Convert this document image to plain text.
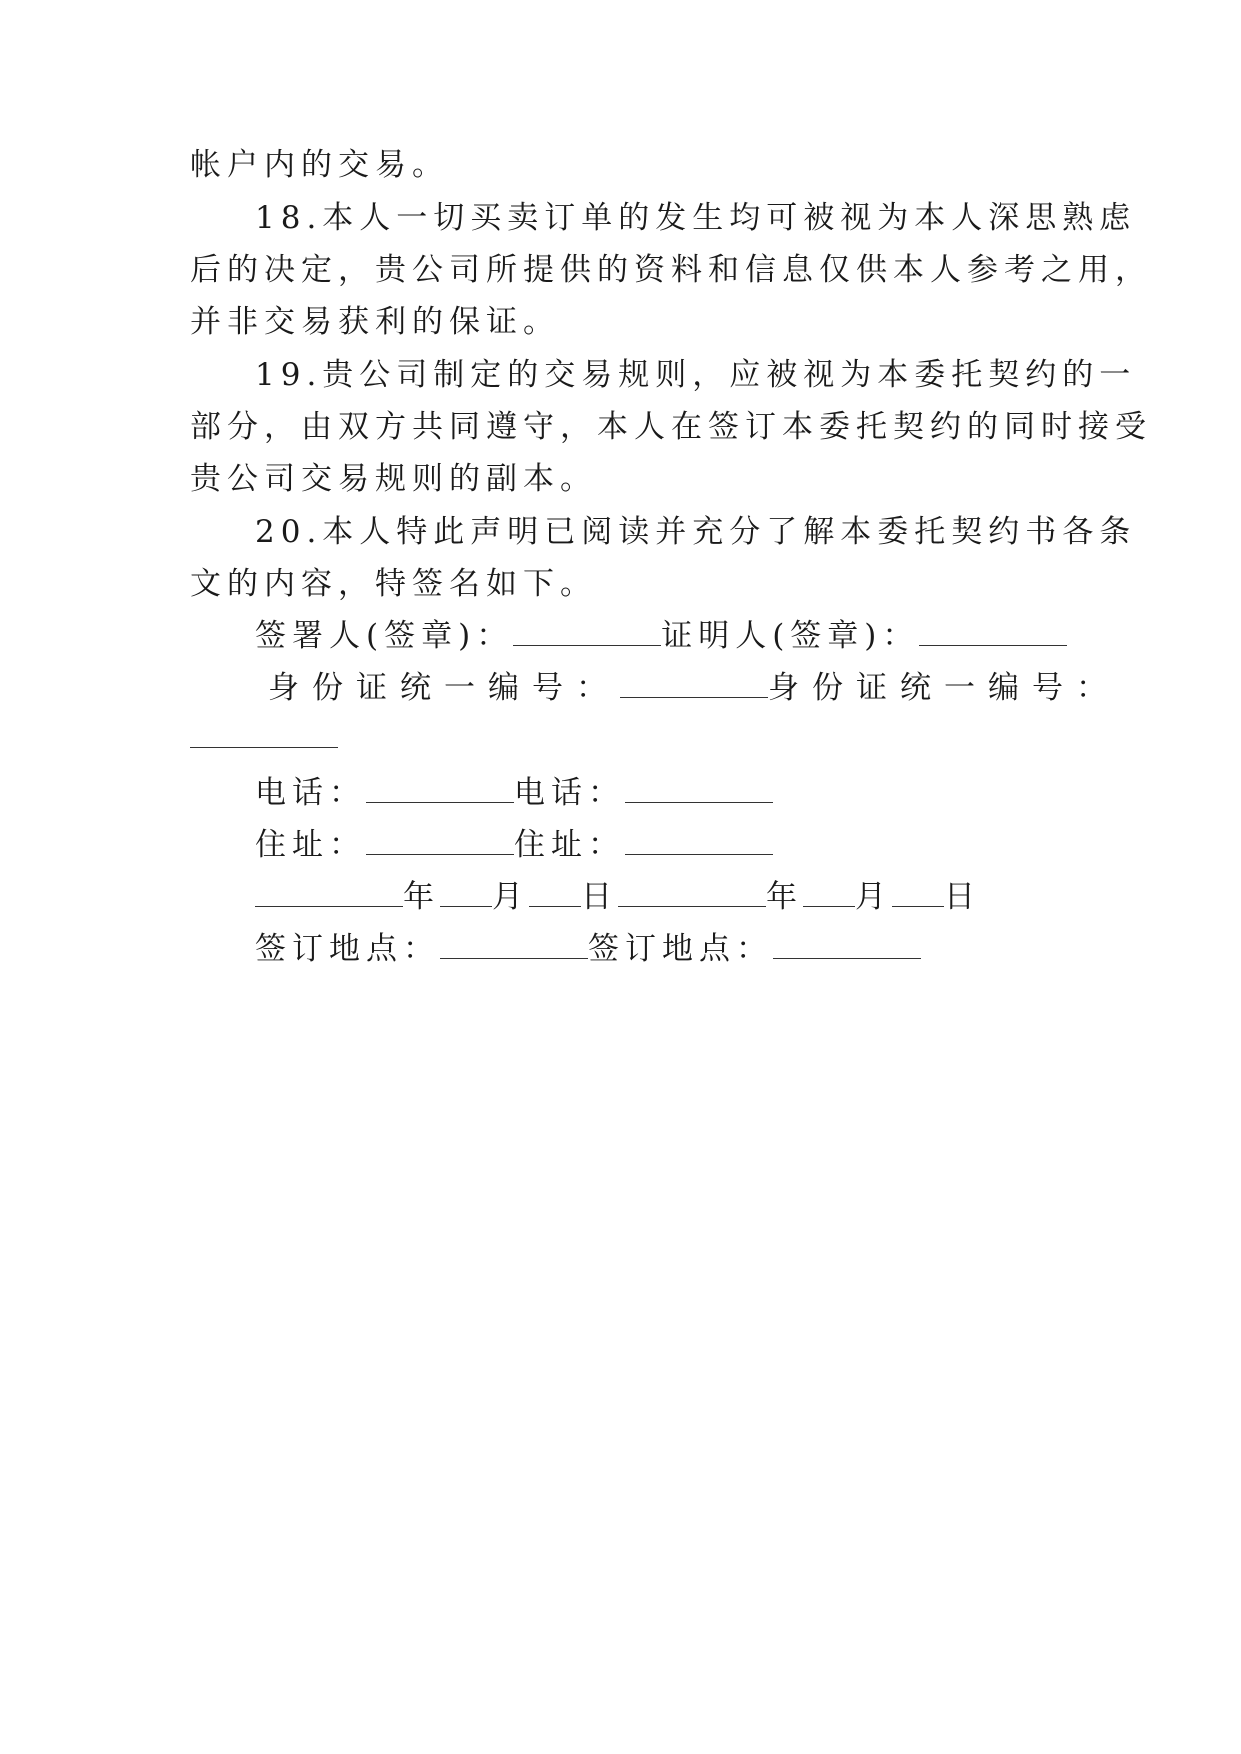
帐户内的交易。
18.本人一切买卖订单的发生均可被视为本人深思熟虑
后的决定，贵公司所提供的资料和信息仅供本人参考之用，
并非交易获利的保证。
19.贵公司制定的交易规则，应被视为本委托契约的一
部分，由双方共同遵守，本人在签订本委托契约的同时接受
贵公司交易规则的副本。
20.本人特此声明已阅读并充分了解本委托契约书各条
文的内容，特签名如下。
签署人(签章)：	证明人(签章)：
身份证统一编号：	身份证统一编号：
电话：	电话：
住址：	住址：
年 月 日	年 月 日
签订地点：	签订地点：
